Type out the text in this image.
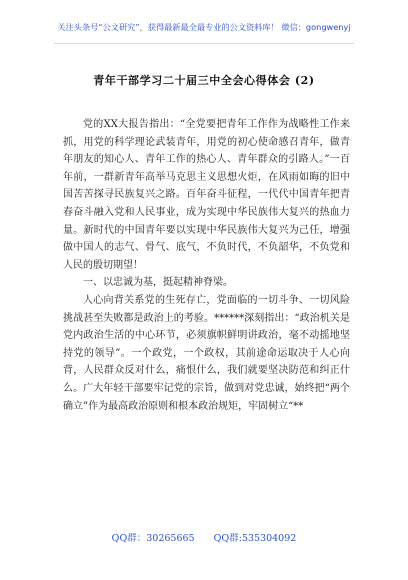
关注头条号“公文研究”，获得最新最全最专业的公文资料库！ 微信：gongwenyj
青年干部学习二十届三中全会心得体会 (2)

党的XX大报告指出：“全党要把青年工作作为战略性工作来抓，用党的科学理论武装青年，用党的初心使命感召青年，做青年朋友的知心人、青年工作的热心人、青年群众的引路人。”一百年前，一群新青年高举马克思主义思想火炬，在风雨如晦的旧中国苦苦探寻民族复兴之路。百年奋斗征程，一代代中国青年把青春奋斗融入党和人民事业，成为实现中华民族伟大复兴的热血力量。新时代的中国青年要以实现中华民族伟大复兴为己任，增强做中国人的志气、骨气、底气，不负时代，不负韶华，不负党和人民的殷切期望！

一、以忠诚为基，挺起精神脊梁。

人心向背关系党的生死存亡，党面临的一切斗争、一切风险挑战甚至失败都是政治上的考验。******深刻指出：“政治机关是党内政治生活的中心环节，必须旗帜鲜明讲政治，毫不动摇地坚持党的领导”。一个政党，一个政权，其前途命运取决于人心向背，人民群众反对什么，痛恨什么，我们就要坚决防范和纠正什么。广大年轻干部要牢记党的宗旨，做到对党忠诚，始终把“两个确立”作为最高政治原则和根本政治规矩，牢固树立“**

QQ群：30265665 QQ群:535304092
